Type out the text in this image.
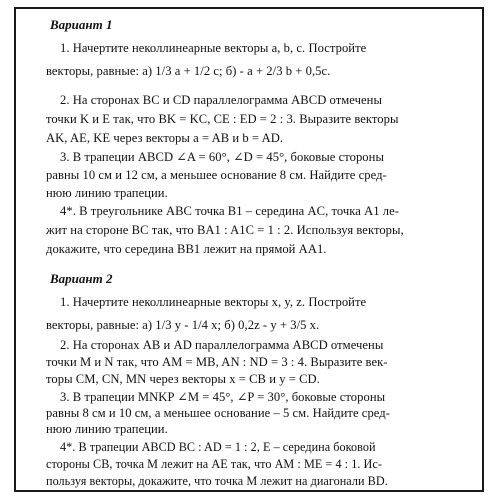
Вариант 1
1. Начертите неколлинеарные векторы a, b, c. Постройте
векторы, равные: а) 1/3 a + 1/2 c; б) - a + 2/3 b + 0,5c.
2. На сторонах BC и CD параллелограмма ABCD отмечены
точки K и E так, что BK = KC, CE : ED = 2 : 3. Выразите векторы
AK, AE, KE через векторы a = AB и b = AD.
3. В трапеции ABCD ∠A = 60°, ∠D = 45°, боковые стороны
равны 10 см и 12 см, а меньшее основание 8 см. Найдите сред-
нюю линию трапеции.
4*. В треугольнике ABC точка B1 – середина AC, точка A1 ле-
жит на стороне BC так, что BA1 : A1C = 1 : 2. Используя векторы,
докажите, что середина BB1 лежит на прямой AA1.
Вариант 2
1. Начертите неколлинеарные векторы x, y, z. Постройте
векторы, равные: а) 1/3 y - 1/4 x; б) 0,2z - y + 3/5 x.
2. На сторонах AB и AD параллелограмма ABCD отмечены
точки M и N так, что AM = MB, AN : ND = 3 : 4. Выразите век-
торы CM, CN, MN через векторы x = CB и y = CD.
3. В трапеции MNKP ∠M = 45°, ∠P = 30°, боковые стороны
равны 8 см и 10 см, а меньшее основание – 5 см. Найдите сред-
нюю линию трапеции.
4*. В трапеции ABCD BC : AD = 1 : 2, E – середина боковой
стороны CB, точка M лежит на AE так, что AM : ME = 4 : 1. Ис-
пользуя векторы, докажите, что точка M лежит на диагонали BD.
